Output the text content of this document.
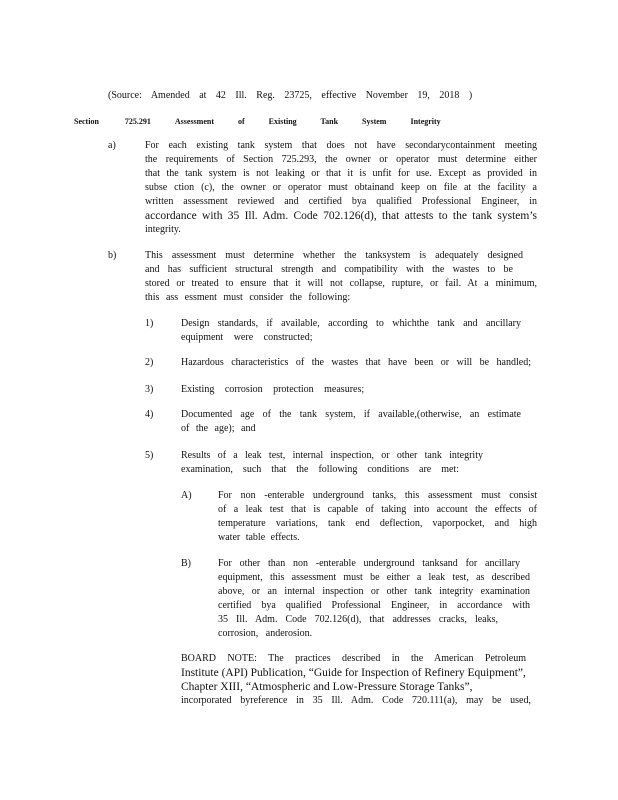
(Source: Amended at 42 Ill. Reg. 23725, effective November 19, 2018 )
Section	725.291	Assessment of Existing Tank System Integrity
a)	For each existing tank system that does not have secondarycontainment meeting
the requirements of Section 725.293, the owner or operator must determine either
that the tank system is not leaking or that it is unfit for use. Except as provided in
subse ction (c), the owner or operator must obtainand keep on file at the facility a
written assessment reviewed and certified bya qualified Professional Engineer, in
accordance with 35 Ill. Adm. Code 702.126(d), that attests to the tank system’s
integrity.
b)	This assessment must determine whether the tanksystem is adequately designed
and has sufficient structural strength and compatibility with the wastes to be
stored or treated to ensure that it will not collapse, rupture, or fail. At a minimum,
this ass essment must consider the following:
1)	Design standards, if available, according to whichthe tank and ancillary
equipment were constructed;
2)	Hazardous characteristics of the wastes that have been or will be handled;
3)	Existing corrosion protection measures;
4)	Documented age of the tank system, if available,(otherwise, an estimate
of the age); and
5)	Results of a leak test, internal inspection, or other tank integrity
examination, such that the following conditions are met:
A)	For non -enterable underground tanks, this assessment must consist
of a leak test that is capable of taking into account the effects of
temperature variations, tank end deflection, vaporpocket, and high
water table effects.
B)	For other than non -enterable underground tanksand for ancillary
equipment, this assessment must be either a leak test, as described
above, or an internal inspection or other tank integrity examination
certified bya qualified Professional Engineer, in accordance with
35 Ill. Adm. Code 702.126(d), that addresses cracks, leaks,
corrosion, anderosion.
BOARD NOTE: The practices described in the American Petroleum
Institute (API) Publication, “Guide for Inspection of Refinery Equipment”,
Chapter XIII, “Atmospheric and Low-Pressure Storage Tanks”,
incorporated byreference in 35 Ill. Adm. Code 720.111(a), may be used,
